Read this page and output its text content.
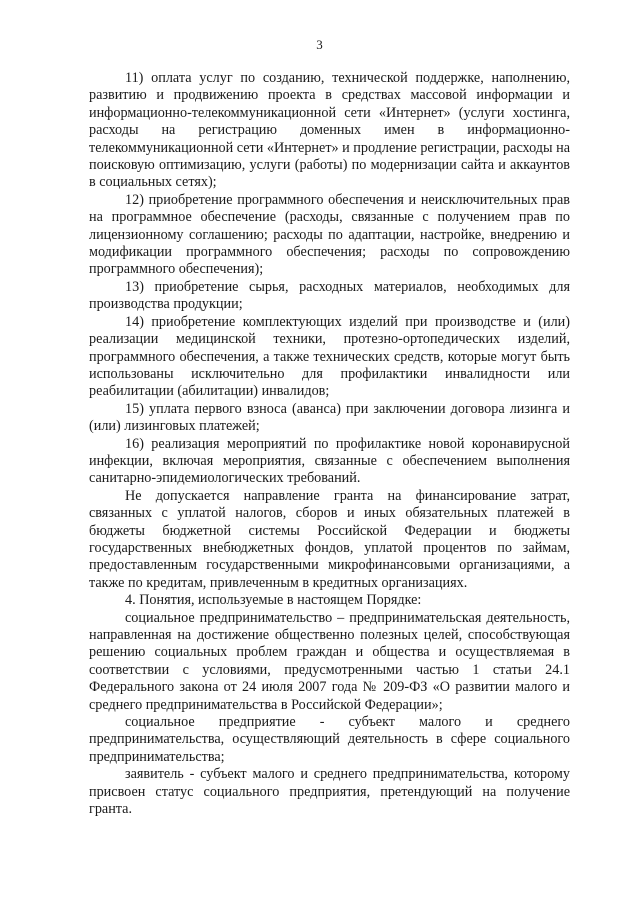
3

11) оплата услуг по созданию, технической поддержке, наполнению, развитию и продвижению проекта в средствах массовой информации и информационно-телекоммуникационной сети «Интернет» (услуги хостинга, расходы на регистрацию доменных имен в информационно-телекоммуникационной сети «Интернет» и продление регистрации, расходы на поисковую оптимизацию, услуги (работы) по модернизации сайта и аккаунтов в социальных сетях);

12) приобретение программного обеспечения и неисключительных прав на программное обеспечение (расходы, связанные с получением прав по лицензионному соглашению; расходы по адаптации, настройке, внедрению и модификации программного обеспечения; расходы по сопровождению программного обеспечения);

13) приобретение сырья, расходных материалов, необходимых для производства продукции;

14) приобретение комплектующих изделий при производстве и (или) реализации медицинской техники, протезно-ортопедических изделий, программного обеспечения, а также технических средств, которые могут быть использованы исключительно для профилактики инвалидности или реабилитации (абилитации) инвалидов;

15) уплата первого взноса (аванса) при заключении договора лизинга и (или) лизинговых платежей;

16) реализация мероприятий по профилактике новой коронавирусной инфекции, включая мероприятия, связанные с обеспечением выполнения санитарно-эпидемиологических требований.

Не допускается направление гранта на финансирование затрат, связанных с уплатой налогов, сборов и иных обязательных платежей в бюджеты бюджетной системы Российской Федерации и бюджеты государственных внебюджетных фондов, уплатой процентов по займам, предоставленным государственными микрофинансовыми организациями, а также по кредитам, привлеченным в кредитных организациях.

4. Понятия, используемые в настоящем Порядке:

социальное предпринимательство – предпринимательская деятельность, направленная на достижение общественно полезных целей, способствующая решению социальных проблем граждан и общества и осуществляемая в соответствии с условиями, предусмотренными частью 1 статьи 24.1 Федерального закона от 24 июля 2007 года № 209-ФЗ «О развитии малого и среднего предпринимательства в Российской Федерации»;

социальное предприятие - субъект малого и среднего предпринимательства, осуществляющий деятельность в сфере социального предпринимательства;

заявитель - субъект малого и среднего предпринимательства, которому присвоен статус социального предприятия, претендующий на получение гранта.
